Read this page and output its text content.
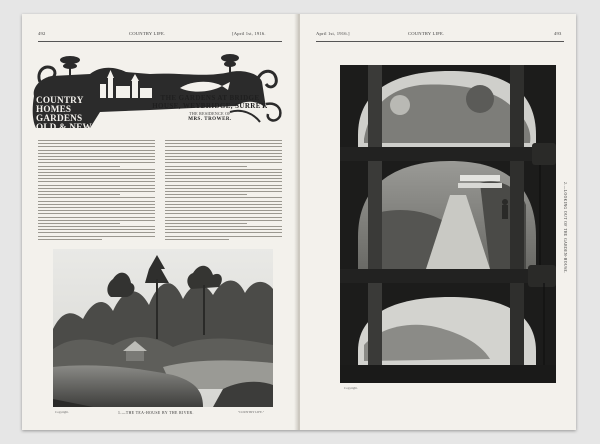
492	COUNTRY LIFE.	[April 1st, 1916.
COUNTRY
HOMES
GARDENS
OLD & NEW
THE GARDENS AT BRIDGE HOUSE, WEYBRIDGE, SURREY.
THE RESIDENCE OF
MRS. TROWER.
Copyright.	1.—THE TEA-HOUSE BY THE RIVER.	"COUNTRY LIFE."
April 1st, 1916.]	COUNTRY LIFE.	493
2.—LOOKING OUT OF THE GARDEN-HOUSE.
Copyright.
